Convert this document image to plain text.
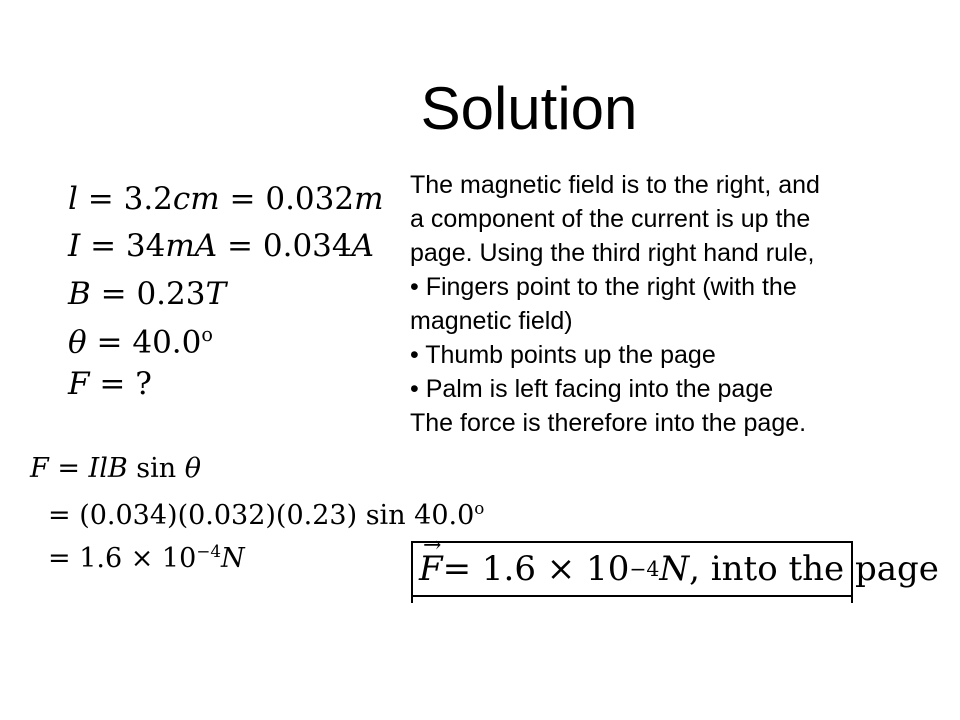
Solution
l = 3.2cm = 0.032m
I = 34mA = 0.034A
B = 0.23T
$\theta = 40.0^o$
F = ?
F = IlB sin θ
= (0.034)(0.032)(0.23) $\sin 40.0^o$
= $1.6 \times 10^{-4}N$
The magnetic field is to the right, and
a component of the current is up the
page. Using the third right hand rule,
• Fingers point to the right (with the
magnetic field)
• Thumb points up the page
• Palm is left facing into the page
The force is therefore into the page.
→ F = 1.6 × 10 −4 N , into the page
